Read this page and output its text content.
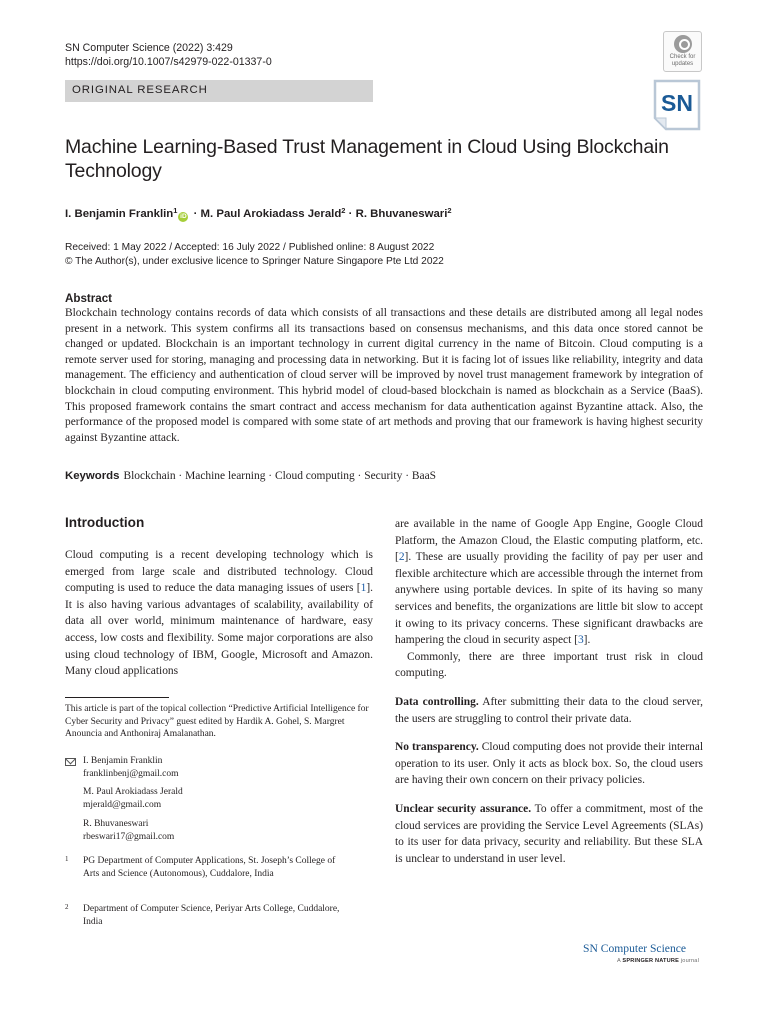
SN Computer Science (2022) 3:429
https://doi.org/10.1007/s42979-022-01337-0
ORIGINAL RESEARCH
Check for updates
SN
Machine Learning-Based Trust Management in Cloud Using Blockchain Technology
I. Benjamin Franklin$^1$iD · M. Paul Arokiadass Jerald$^2$ · R. Bhuvaneswari$^2$
Received: 1 May 2022 / Accepted: 16 July 2022 / Published online: 8 August 2022
© The Author(s), under exclusive licence to Springer Nature Singapore Pte Ltd 2022
Abstract
Blockchain technology contains records of data which consists of all transactions and these details are distributed among all legal nodes present in a network. This system confirms all its transactions based on consensus mechanisms, and this data once stored cannot be changed or updated. Blockchain is an important technology in current digital currency in the name of Bitcoin. Cloud computing is a remote server used for storing, managing and processing data in networking. But it is facing lot of issues like reliability, integrity and data management. The efficiency and authentication of cloud server will be improved by novel trust management framework by integration of blockchain in cloud computing environment. This hybrid model of cloud-based blockchain is named as blockchain as a Service (BaaS). This proposed framework contains the smart contract and access mechanism for data authentication against Byzantine attack. Also, the performance of the proposed model is compared with some state of art methods and proving that our framework is having highest security against Byzantine attack.
Keywords Blockchain · Machine learning · Cloud computing · Security · BaaS
Introduction
Cloud computing is a recent developing technology which is emerged from large scale and distributed technology. Cloud computing is used to reduce the data managing issues of users [1]. It is also having various advantages of scalability, availability of data all over world, minimum maintenance of hardware, easy access, low costs and flexibility. Some major corporations are also using cloud technology of IBM, Google, Microsoft and Amazon. Many cloud applications
This article is part of the topical collection “Predictive Artificial Intelligence for Cyber Security and Privacy” guest edited by Hardik A. Gohel, S. Margret Anouncia and Anthoniraj Amalanathan.
I. Benjamin Franklin
franklinbenj@gmail.com
M. Paul Arokiadass Jerald
mjerald@gmail.com
R. Bhuvaneswari
rbeswari17@gmail.com
1 PG Department of Computer Applications, St. Joseph’s College of Arts and Science (Autonomous), Cuddalore, India
2 Department of Computer Science, Periyar Arts College, Cuddalore, India

are available in the name of Google App Engine, Google Cloud Platform, the Amazon Cloud, the Elastic computing platform, etc. [2]. These are usually providing the facility of pay per user and flexible architecture which are accessible through the internet from anywhere using portable devices. In spite of its having so many services and benefits, the organizations are little bit slow to accept it owing to its privacy concerns. These significant drawbacks are hampering the cloud in security aspect [3].

Commonly, there are three important trust risk in cloud computing.

Data controlling. After submitting their data to the cloud server, the users are struggling to control their private data.

No transparency. Cloud computing does not provide their internal operation to its user. Only it acts as block box. So, the cloud users are having their own concern on their privacy policies.

Unclear security assurance. To offer a commitment, most of the cloud services are providing the Service Level Agreements (SLAs) to its user for data privacy, security and reliability. But these SLA is unclear to understand in user level.

SN Computer Science
A SPRINGER NATURE journal
